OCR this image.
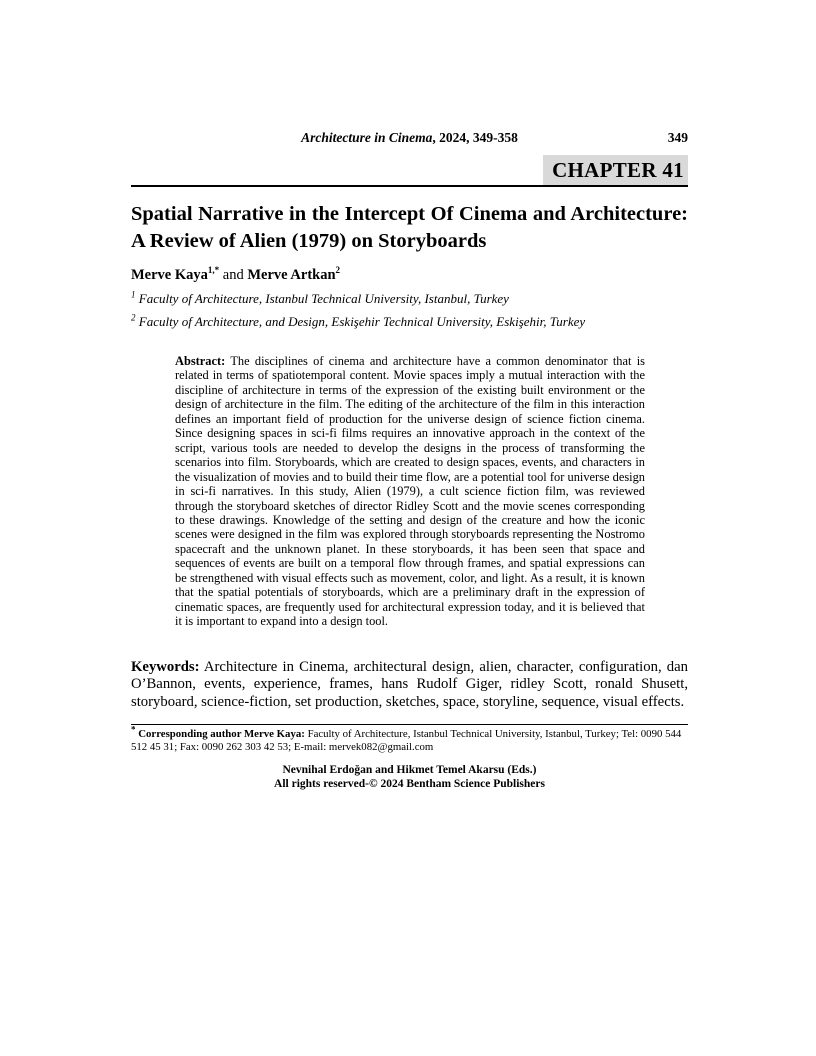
Architecture in Cinema, 2024, 349-358	349
CHAPTER 41
Spatial Narrative in the Intercept Of Cinema and Architecture: A Review of Alien (1979) on Storyboards

Merve Kaya$^{1,*}$ and Merve Artkan$^2$

$^1$ Faculty of Architecture, Istanbul Technical University, Istanbul, Turkey

$^2$ Faculty of Architecture, and Design, Eskişehir Technical University, Eskişehir, Turkey

Abstract: The disciplines of cinema and architecture have a common denominator that is related in terms of spatiotemporal content. Movie spaces imply a mutual interaction with the discipline of architecture in terms of the expression of the existing built environment or the design of architecture in the film. The editing of the architecture of the film in this interaction defines an important field of production for the universe design of science fiction cinema. Since designing spaces in sci-fi films requires an innovative approach in the context of the script, various tools are needed to develop the designs in the process of transforming the scenarios into film. Storyboards, which are created to design spaces, events, and characters in the visualization of movies and to build their time flow, are a potential tool for universe design in sci-fi narratives. In this study, Alien (1979), a cult science fiction film, was reviewed through the storyboard sketches of director Ridley Scott and the movie scenes corresponding to these drawings. Knowledge of the setting and design of the creature and how the iconic scenes were designed in the film was explored through storyboards representing the Nostromo spacecraft and the unknown planet. In these storyboards, it has been seen that space and sequences of events are built on a temporal flow through frames, and spatial expressions can be strengthened with visual effects such as movement, color, and light. As a result, it is known that the spatial potentials of storyboards, which are a preliminary draft in the expression of cinematic spaces, are frequently used for architectural expression today, and it is believed that it is important to expand into a design tool.

Keywords: Architecture in Cinema, architectural design, alien, character, configuration, dan O’Bannon, events, experience, frames, hans Rudolf Giger, ridley Scott, ronald Shusett, storyboard, science-fiction, set production, sketches, space, storyline, sequence, visual effects.

* Corresponding author Merve Kaya: Faculty of Architecture, Istanbul Technical University, Istanbul, Turkey; Tel: 0090 544 512 45 31; Fax: 0090 262 303 42 53; E-mail: mervek082@gmail.com

Nevnihal Erdoğan and Hikmet Temel Akarsu (Eds.)
All rights reserved-© 2024 Bentham Science Publishers
